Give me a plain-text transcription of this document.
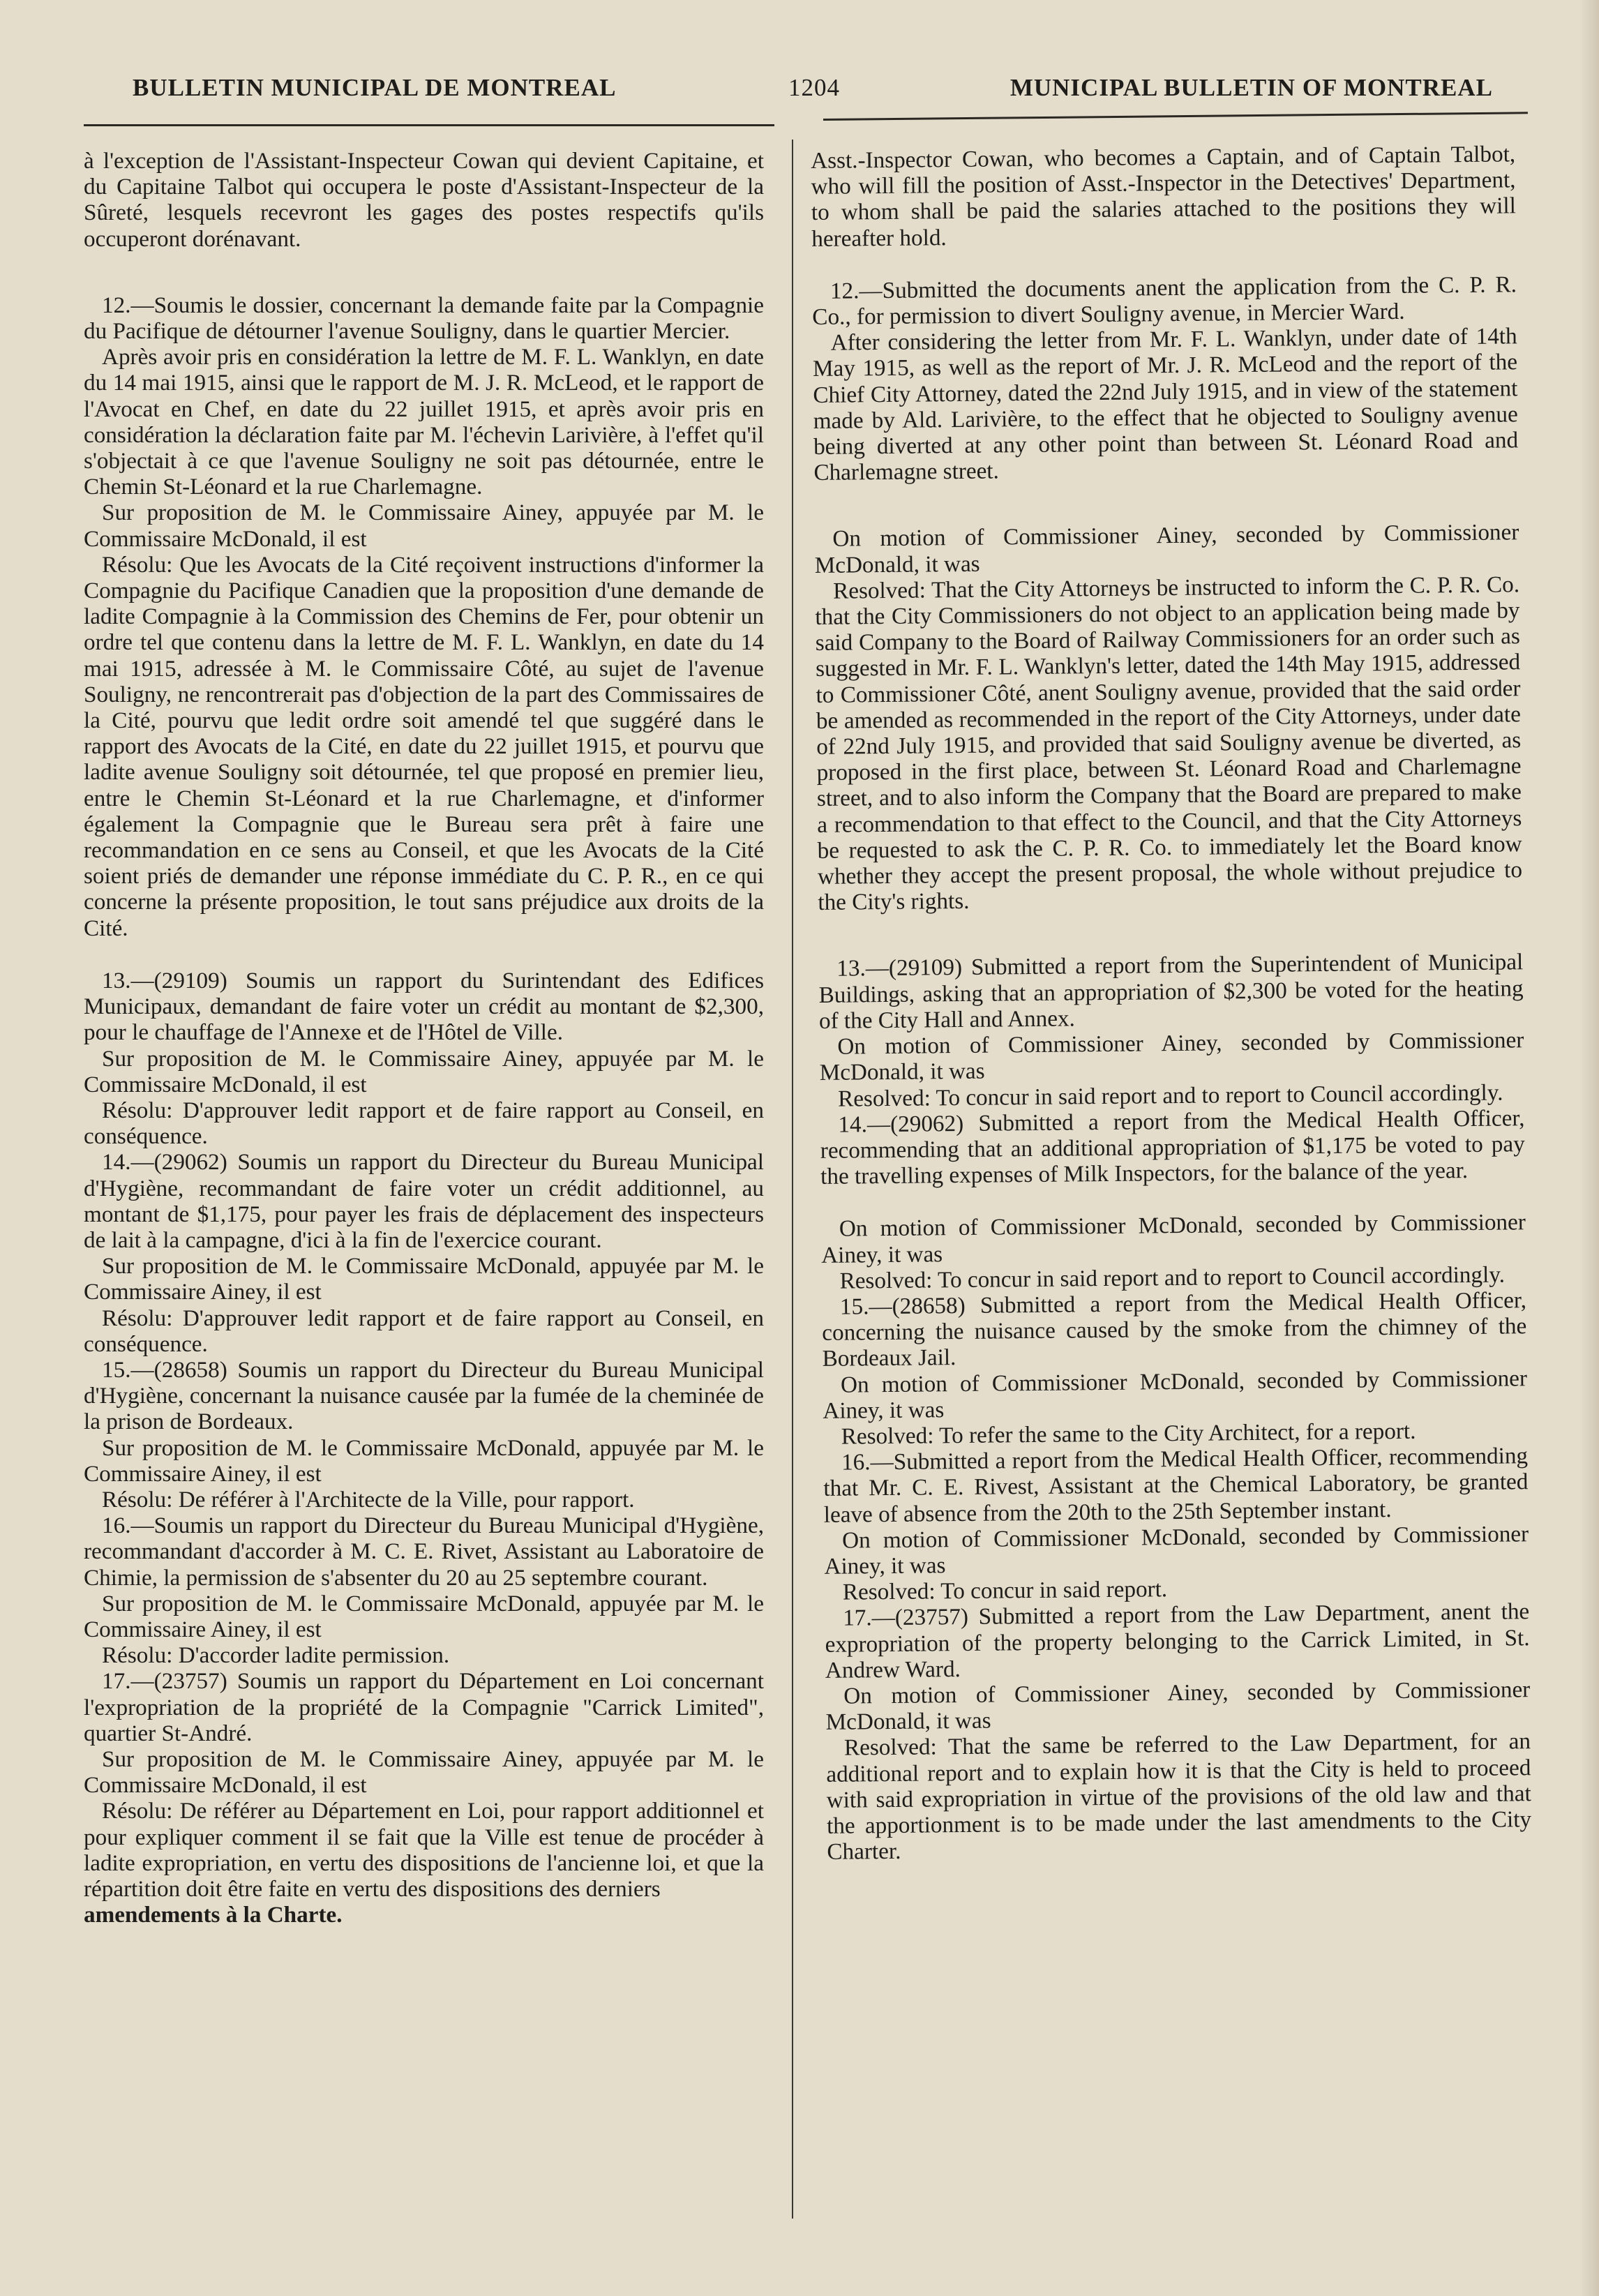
BULLETIN MUNICIPAL DE MONTREAL	1204	MUNICIPAL BULLETIN OF MONTREAL

à l'exception de l'Assistant-Inspecteur Cowan qui devient Capitaine, et du Capitaine Talbot qui occupera le poste d'Assistant-Inspecteur de la Sûreté, lesquels recevront les gages des postes respectifs qu'ils occuperont dorénavant.

12.—Soumis le dossier, concernant la demande faite par la Compagnie du Pacifique de détourner l'avenue Souligny, dans le quartier Mercier.

Après avoir pris en considération la lettre de M. F. L. Wanklyn, en date du 14 mai 1915, ainsi que le rapport de M. J. R. McLeod, et le rapport de l'Avocat en Chef, en date du 22 juillet 1915, et après avoir pris en considération la déclaration faite par M. l'échevin Larivière, à l'effet qu'il s'objectait à ce que l'avenue Souligny ne soit pas détournée, entre le Chemin St-Léonard et la rue Charlemagne.

Sur proposition de M. le Commissaire Ainey, appuyée par M. le Commissaire McDonald, il est

Résolu: Que les Avocats de la Cité reçoivent instructions d'informer la Compagnie du Pacifique Canadien que la proposition d'une demande de ladite Compagnie à la Commission des Chemins de Fer, pour obtenir un ordre tel que contenu dans la lettre de M. F. L. Wanklyn, en date du 14 mai 1915, adressée à M. le Commissaire Côté, au sujet de l'avenue Souligny, ne rencontrerait pas d'objection de la part des Commissaires de la Cité, pourvu que ledit ordre soit amendé tel que suggéré dans le rapport des Avocats de la Cité, en date du 22 juillet 1915, et pourvu que ladite avenue Souligny soit détournée, tel que proposé en premier lieu, entre le Chemin St-Léonard et la rue Charlemagne, et d'informer également la Compagnie que le Bureau sera prêt à faire une recommandation en ce sens au Conseil, et que les Avocats de la Cité soient priés de demander une réponse immédiate du C. P. R., en ce qui concerne la présente proposition, le tout sans préjudice aux droits de la Cité.

13.—(29109) Soumis un rapport du Surintendant des Edifices Municipaux, demandant de faire voter un crédit au montant de $2,300, pour le chauffage de l'Annexe et de l'Hôtel de Ville.

Sur proposition de M. le Commissaire Ainey, appuyée par M. le Commissaire McDonald, il est

Résolu: D'approuver ledit rapport et de faire rapport au Conseil, en conséquence.

14.—(29062) Soumis un rapport du Directeur du Bureau Municipal d'Hygiène, recommandant de faire voter un crédit additionnel, au montant de $1,175, pour payer les frais de déplacement des inspecteurs de lait à la campagne, d'ici à la fin de l'exercice courant.

Sur proposition de M. le Commissaire McDonald, appuyée par M. le Commissaire Ainey, il est

Résolu: D'approuver ledit rapport et de faire rapport au Conseil, en conséquence.

15.—(28658) Soumis un rapport du Directeur du Bureau Municipal d'Hygiène, concernant la nuisance causée par la fumée de la cheminée de la prison de Bordeaux.

Sur proposition de M. le Commissaire McDonald, appuyée par M. le Commissaire Ainey, il est

Résolu: De référer à l'Architecte de la Ville, pour rapport.

16.—Soumis un rapport du Directeur du Bureau Municipal d'Hygiène, recommandant d'accorder à M. C. E. Rivet, Assistant au Laboratoire de Chimie, la permission de s'absenter du 20 au 25 septembre courant.

Sur proposition de M. le Commissaire McDonald, appuyée par M. le Commissaire Ainey, il est

Résolu: D'accorder ladite permission.

17.—(23757) Soumis un rapport du Département en Loi concernant l'expropriation de la propriété de la Compagnie "Carrick Limited", quartier St-André.

Sur proposition de M. le Commissaire Ainey, appuyée par M. le Commissaire McDonald, il est

Résolu: De référer au Département en Loi, pour rapport additionnel et pour expliquer comment il se fait que la Ville est tenue de procéder à ladite expropriation, en vertu des dispositions de l'ancienne loi, et que la répartition doit être faite en vertu des dispositions des derniers

amendements à la Charte.

Asst.-Inspector Cowan, who becomes a Captain, and of Captain Talbot, who will fill the position of Asst.-Inspector in the Detectives' Department, to whom shall be paid the salaries attached to the positions they will hereafter hold.

12.—Submitted the documents anent the application from the C. P. R. Co., for permission to divert Souligny avenue, in Mercier Ward.

After considering the letter from Mr. F. L. Wanklyn, under date of 14th May 1915, as well as the report of Mr. J. R. McLeod and the report of the Chief City Attorney, dated the 22nd July 1915, and in view of the statement made by Ald. Larivière, to the effect that he objected to Souligny avenue being diverted at any other point than between St. Léonard Road and Charlemagne street.

On motion of Commissioner Ainey, seconded by Commissioner McDonald, it was

Resolved: That the City Attorneys be instructed to inform the C. P. R. Co. that the City Commissioners do not object to an application being made by said Company to the Board of Railway Commissioners for an order such as suggested in Mr. F. L. Wanklyn's letter, dated the 14th May 1915, addressed to Commissioner Côté, anent Souligny avenue, provided that the said order be amended as recommended in the report of the City Attorneys, under date of 22nd July 1915, and provided that said Souligny avenue be diverted, as proposed in the first place, between St. Léonard Road and Charlemagne street, and to also inform the Company that the Board are prepared to make a recommendation to that effect to the Council, and that the City Attorneys be requested to ask the C. P. R. Co. to immediately let the Board know whether they accept the present proposal, the whole without prejudice to the City's rights.

13.—(29109) Submitted a report from the Superintendent of Municipal Buildings, asking that an appropriation of $2,300 be voted for the heating of the City Hall and Annex.

On motion of Commissioner Ainey, seconded by Commissioner McDonald, it was

Resolved: To concur in said report and to report to Council accordingly.

14.—(29062) Submitted a report from the Medical Health Officer, recommending that an additional appropriation of $1,175 be voted to pay the travelling expenses of Milk Inspectors, for the balance of the year.

On motion of Commissioner McDonald, seconded by Commissioner Ainey, it was

Resolved: To concur in said report and to report to Council accordingly.

15.—(28658) Submitted a report from the Medical Health Officer, concerning the nuisance caused by the smoke from the chimney of the Bordeaux Jail.

On motion of Commissioner McDonald, seconded by Commissioner Ainey, it was

Resolved: To refer the same to the City Architect, for a report.

16.—Submitted a report from the Medical Health Officer, recommending that Mr. C. E. Rivest, Assistant at the Chemical Laboratory, be granted leave of absence from the 20th to the 25th September instant.

On motion of Commissioner McDonald, seconded by Commissioner Ainey, it was

Resolved: To concur in said report.

17.—(23757) Submitted a report from the Law Department, anent the expropriation of the property belonging to the Carrick Limited, in St. Andrew Ward.

On motion of Commissioner Ainey, seconded by Commissioner McDonald, it was

Resolved: That the same be referred to the Law Department, for an additional report and to explain how it is that the City is held to proceed with said expropriation in virtue of the provisions of the old law and that the apportionment is to be made under the last amendments to the City Charter.
